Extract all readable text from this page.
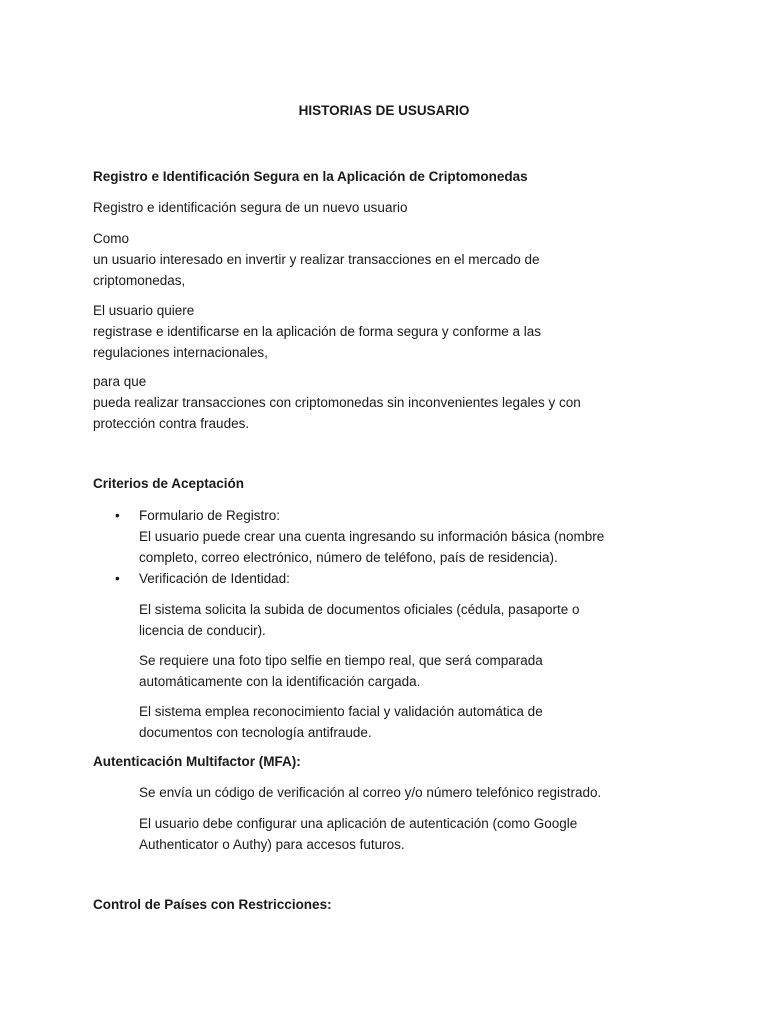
HISTORIAS DE USUSARIO
Registro e Identificación Segura en la Aplicación de Criptomonedas
Registro e identificación segura de un nuevo usuario
Como
un usuario interesado en invertir y realizar transacciones en el mercado de
criptomonedas,
El usuario quiere
registrase e identificarse en la aplicación de forma segura y conforme a las
regulaciones internacionales,
para que
pueda realizar transacciones con criptomonedas sin inconvenientes legales y con
protección contra fraudes.
Criterios de Aceptación
• Formulario de Registro:
El usuario puede crear una cuenta ingresando su información básica (nombre
completo, correo electrónico, número de teléfono, país de residencia).
• Verificación de Identidad:
El sistema solicita la subida de documentos oficiales (cédula, pasaporte o
licencia de conducir).
Se requiere una foto tipo selfie en tiempo real, que será comparada
automáticamente con la identificación cargada.
El sistema emplea reconocimiento facial y validación automática de
documentos con tecnología antifraude.
Autenticación Multifactor (MFA):
Se envía un código de verificación al correo y/o número telefónico registrado.
El usuario debe configurar una aplicación de autenticación (como Google
Authenticator o Authy) para accesos futuros.
Control de Países con Restricciones:
